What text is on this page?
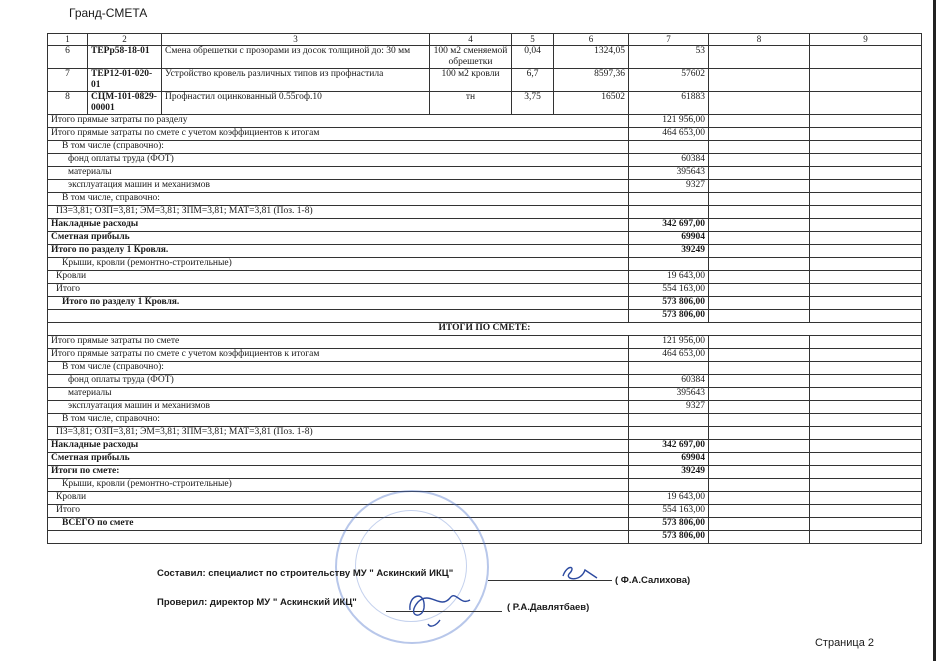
Гранд-СМЕТА
1	2	3	4	5	6	7	8	9
6	ТЕРр58-18-01	Смена обрешетки с прозорами из досок толщиной до: 30 мм	100 м2 сменяемой обрешетки	0,04	1324,05	53		
7	ТЕР12-01-020-01	Устройство кровель различных типов из профнастила	100 м2 кровли	6,7	8597,36	57602		
8	СЦМ-101-0829-00001	Профнастил оцинкованный 0.55гоф.10	тн	3,75	16502	61883		
Итого прямые затраты по разделу						121 956,00		
Итого прямые затраты по смете с учетом коэффициентов к итогам						464 653,00		
В том числе (справочно):								
фонд оплаты труда (ФОТ)						60384		
материалы						395643		
эксплуатация машин и механизмов						9327		
В том числе, справочно:								
ПЗ=3,81; ОЗП=3,81; ЭМ=3,81; ЗПМ=3,81; МАТ=3,81 (Поз. 1-8)								
Накладные расходы						342 697,00		
Сметная прибыль						69904		
Итого по разделу 1 Кровля.						39249		
Крыши, кровли (ремонтно-строительные)								
Кровли						19 643,00		
Итого						554 163,00		
Итого по разделу 1 Кровля.						573 806,00		
						573 806,00		
ИТОГИ ПО СМЕТЕ:								
Итого прямые затраты по смете						121 956,00		
Итого прямые затраты по смете с учетом коэффициентов к итогам						464 653,00		
В том числе (справочно):								
фонд оплаты труда (ФОТ)						60384		
материалы						395643		
эксплуатация машин и механизмов						9327		
В том числе, справочно:								
ПЗ=3,81; ОЗП=3,81; ЭМ=3,81; ЗПМ=3,81; МАТ=3,81 (Поз. 1-8)								
Накладные расходы						342 697,00		
Сметная прибыль						69904		
Итоги по смете:						39249		
Крыши, кровли (ремонтно-строительные)								
Кровли						19 643,00		
Итого						554 163,00		
ВСЕГО по смете						573 806,00		
						573 806,00		
Составил: специалист по строительству МУ " Аскинский ИКЦ"
( Ф.А.Салихова)
Проверил: директор МУ " Аскинский ИКЦ"	( Р.А.Давлятбаев)
Страница 2
